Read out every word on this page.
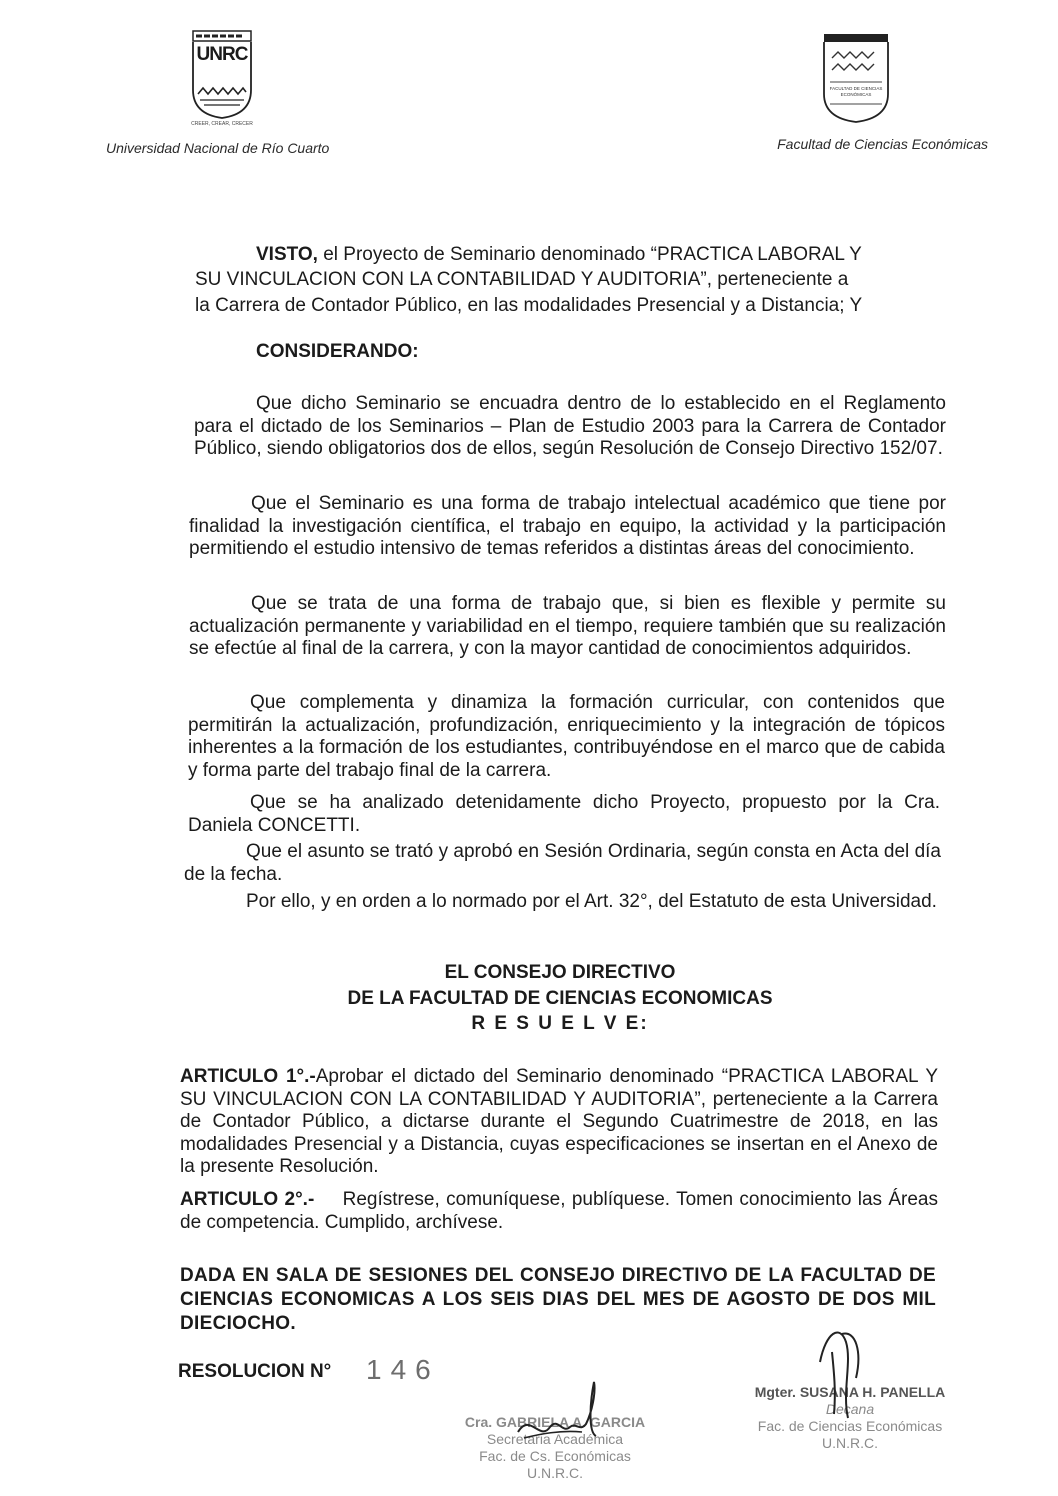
UNRC
CREER, CREAR, CRECER
Universidad Nacional de Río Cuarto
FACULTAD DE CIENCIAS ECONÓMICAS
Facultad de Ciencias Económicas
VISTO, el Proyecto de Seminario denominado “PRACTICA LABORAL Y
SU VINCULACION CON LA CONTABILIDAD Y AUDITORIA”, perteneciente a
la Carrera de Contador Público, en las modalidades Presencial y a Distancia; Y
CONSIDERANDO:
Que dicho Seminario se encuadra dentro de lo establecido en el Reglamento para el dictado de los Seminarios – Plan de Estudio 2003 para la Carrera de Contador Público, siendo obligatorios dos de ellos, según Resolución de Consejo Directivo 152/07.
Que el Seminario es una forma de trabajo intelectual académico que tiene por finalidad la investigación científica, el trabajo en equipo, la actividad y la participación permitiendo el estudio intensivo de temas referidos a distintas áreas del conocimiento.
Que se trata de una forma de trabajo que, si bien es flexible y permite su actualización permanente y variabilidad en el tiempo, requiere también que su realización se efectúe al final de la carrera, y con la mayor cantidad de conocimientos adquiridos.
Que complementa y dinamiza la formación curricular, con contenidos que permitirán la actualización, profundización, enriquecimiento y la integración de tópicos inherentes a la formación de los estudiantes, contribuyéndose en el marco que de cabida y forma parte del trabajo final de la carrera.
Que se ha analizado detenidamente dicho Proyecto, propuesto por la Cra. Daniela CONCETTI.
Que el asunto se trató y aprobó en Sesión Ordinaria, según consta en Acta del día de la fecha.
Por ello, y en orden a lo normado por el Art. 32°, del Estatuto de esta Universidad.
EL CONSEJO DIRECTIVO
DE LA FACULTAD DE CIENCIAS ECONOMICAS
R E S U E L V E:
ARTICULO 1°.-Aprobar el dictado del Seminario denominado “PRACTICA LABORAL Y SU VINCULACION CON LA CONTABILIDAD Y AUDITORIA”, perteneciente a la Carrera de Contador Público, a dictarse durante el Segundo Cuatrimestre de 2018, en las modalidades Presencial y a Distancia, cuyas especificaciones se insertan en el Anexo de la presente Resolución.
ARTICULO 2°.- Regístrese, comuníquese, publíquese. Tomen conocimiento las Áreas de competencia. Cumplido, archívese.
DADA EN SALA DE SESIONES DEL CONSEJO DIRECTIVO DE LA FACULTAD DE CIENCIAS ECONOMICAS A LOS SEIS DIAS DEL MES DE AGOSTO DE DOS MIL DIECIOCHO.
RESOLUCION N° 146
Cra. GABRIELA A. GARCIA
Secretaria Académica
Fac. de Cs. Económicas
U.N.R.C.
Mgter. SUSANA H. PANELLA
Decana
Fac. de Ciencias Económicas
U.N.R.C.
